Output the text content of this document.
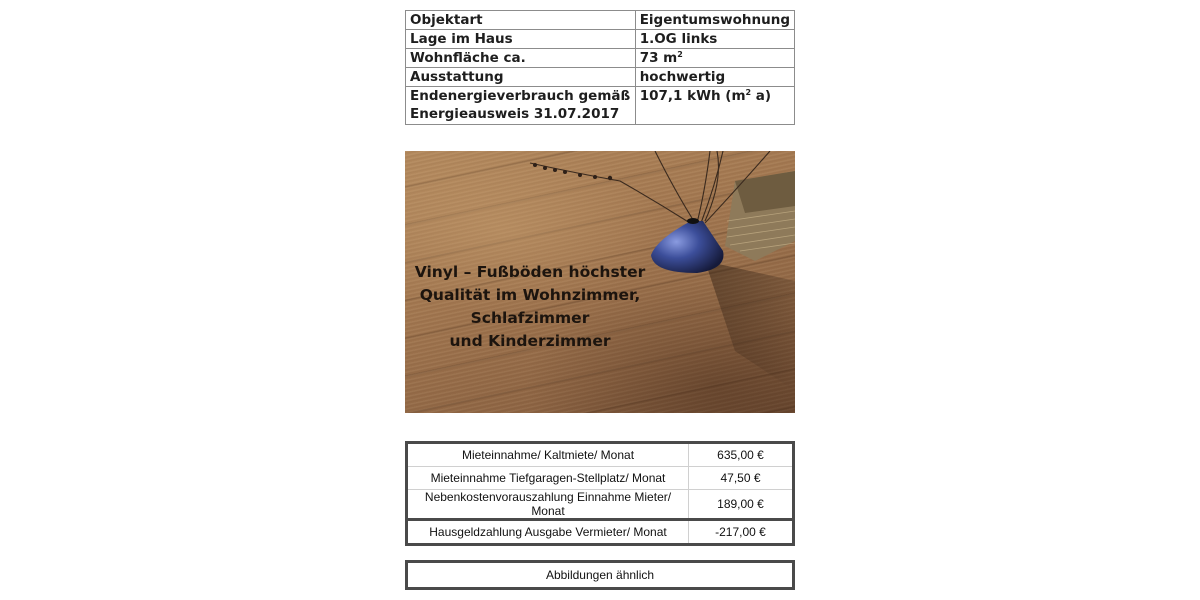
Objektart	Eigentumswohnung
Lage im Haus	1.OG links
Wohnfläche ca.	73 $m^2$
Ausstattung	hochwertig

Endenergieverbrauch gemäß
Energieausweis 31.07.2017	107,1 kWh ($m^2$ a)
Vinyl – Fußböden höchster
Qualität im Wohnzimmer,
Schlafzimmer
und Kinderzimmer
Mieteinnahme/ Kaltmiete/ Monat	635,00 €
Mieteinnahme Tiefgaragen-Stellplatz/ Monat	47,50 €
Nebenkostenvorauszahlung Einnahme Mieter/ Monat	189,00 €
Hausgeldzahlung Ausgabe Vermieter/ Monat	-217,00 €
Abbildungen ähnlich
